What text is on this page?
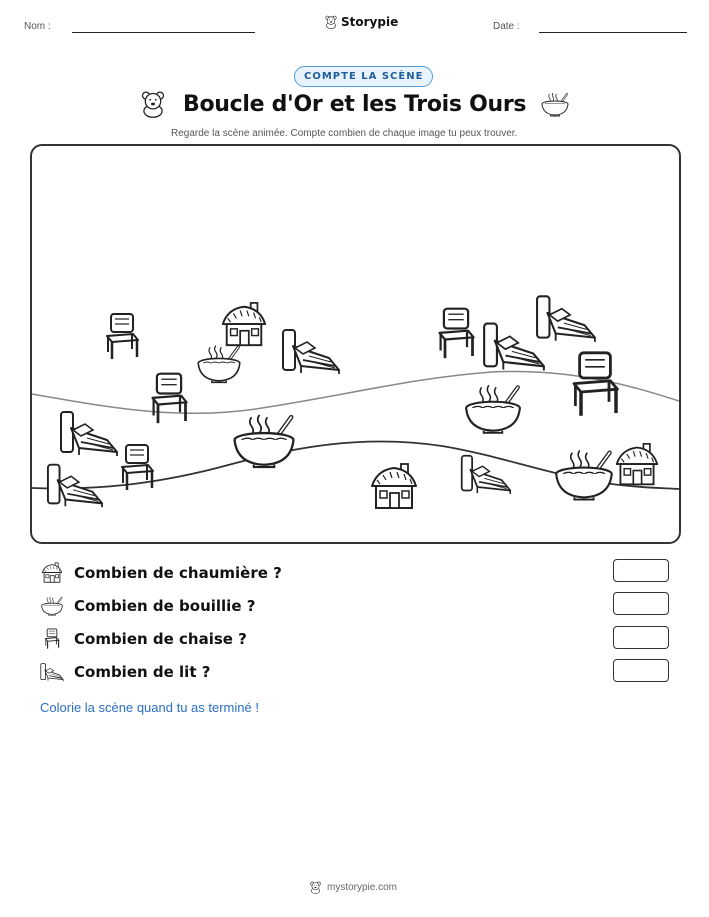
Nom :	Storypie	Date :
COMPTE LA SCÈNE
Boucle d'Or et les Trois Ours
Regarde la scène animée. Compte combien de chaque image tu peux trouver.
Combien de chaumière ?
Combien de bouillie ?
Combien de chaise ?
Combien de lit ?
Colorie la scène quand tu as terminé !
mystorypie.com
